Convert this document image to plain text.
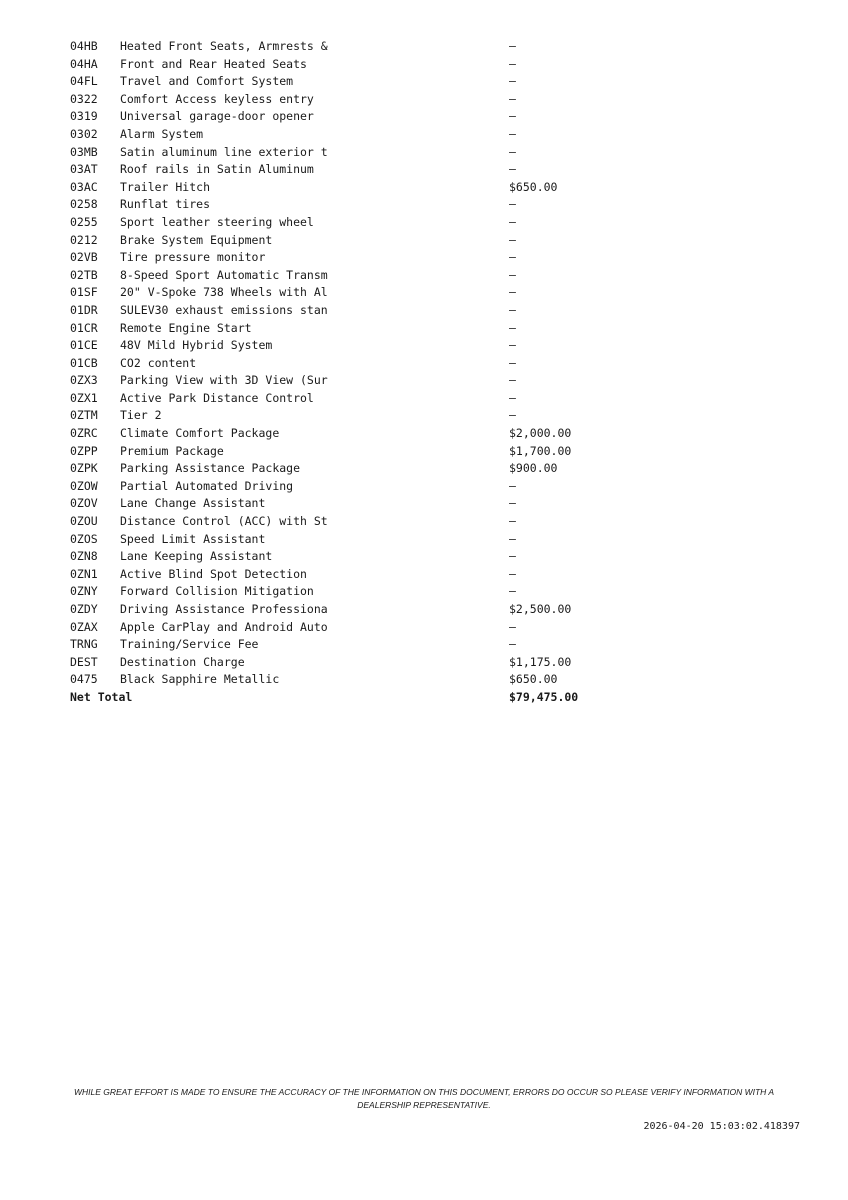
04HB	Heated Front Seats, Armrests &	—
04HA	Front and Rear Heated Seats	—
04FL	Travel and Comfort System	—
0322	Comfort Access keyless entry	—
0319	Universal garage-door opener	—
0302	Alarm System	—
03MB	Satin aluminum line exterior t	—
03AT	Roof rails in Satin Aluminum	—
03AC	Trailer Hitch	$650.00
0258	Runflat tires	—
0255	Sport leather steering wheel	—
0212	Brake System Equipment	—
02VB	Tire pressure monitor	—
02TB	8-Speed Sport Automatic Transm	—
01SF	20" V-Spoke 738 Wheels with Al	—
01DR	SULEV30 exhaust emissions stan	—
01CR	Remote Engine Start	—
01CE	48V Mild Hybrid System	—
01CB	CO2 content	—
0ZX3	Parking View with 3D View (Sur	—
0ZX1	Active Park Distance Control	—
0ZTM	Tier 2	—
0ZRC	Climate Comfort Package	$2,000.00
0ZPP	Premium Package	$1,700.00
0ZPK	Parking Assistance Package	$900.00
0ZOW	Partial Automated Driving	—
0ZOV	Lane Change Assistant	—
0ZOU	Distance Control (ACC) with St	—
0ZOS	Speed Limit Assistant	—
0ZN8	Lane Keeping Assistant	—
0ZN1	Active Blind Spot Detection	—
0ZNY	Forward Collision Mitigation	—
0ZDY	Driving Assistance Professiona	$2,500.00
0ZAX	Apple CarPlay and Android Auto	—
TRNG	Training/Service Fee	—
DEST	Destination Charge	$1,175.00
0475	Black Sapphire Metallic	$650.00
Net Total		$79,475.00
WHILE GREAT EFFORT IS MADE TO ENSURE THE ACCURACY OF THE INFORMATION ON THIS DOCUMENT, ERRORS DO OCCUR SO PLEASE VERIFY INFORMATION WITH A DEALERSHIP REPRESENTATIVE.
2026-04-20 15:03:02.418397
